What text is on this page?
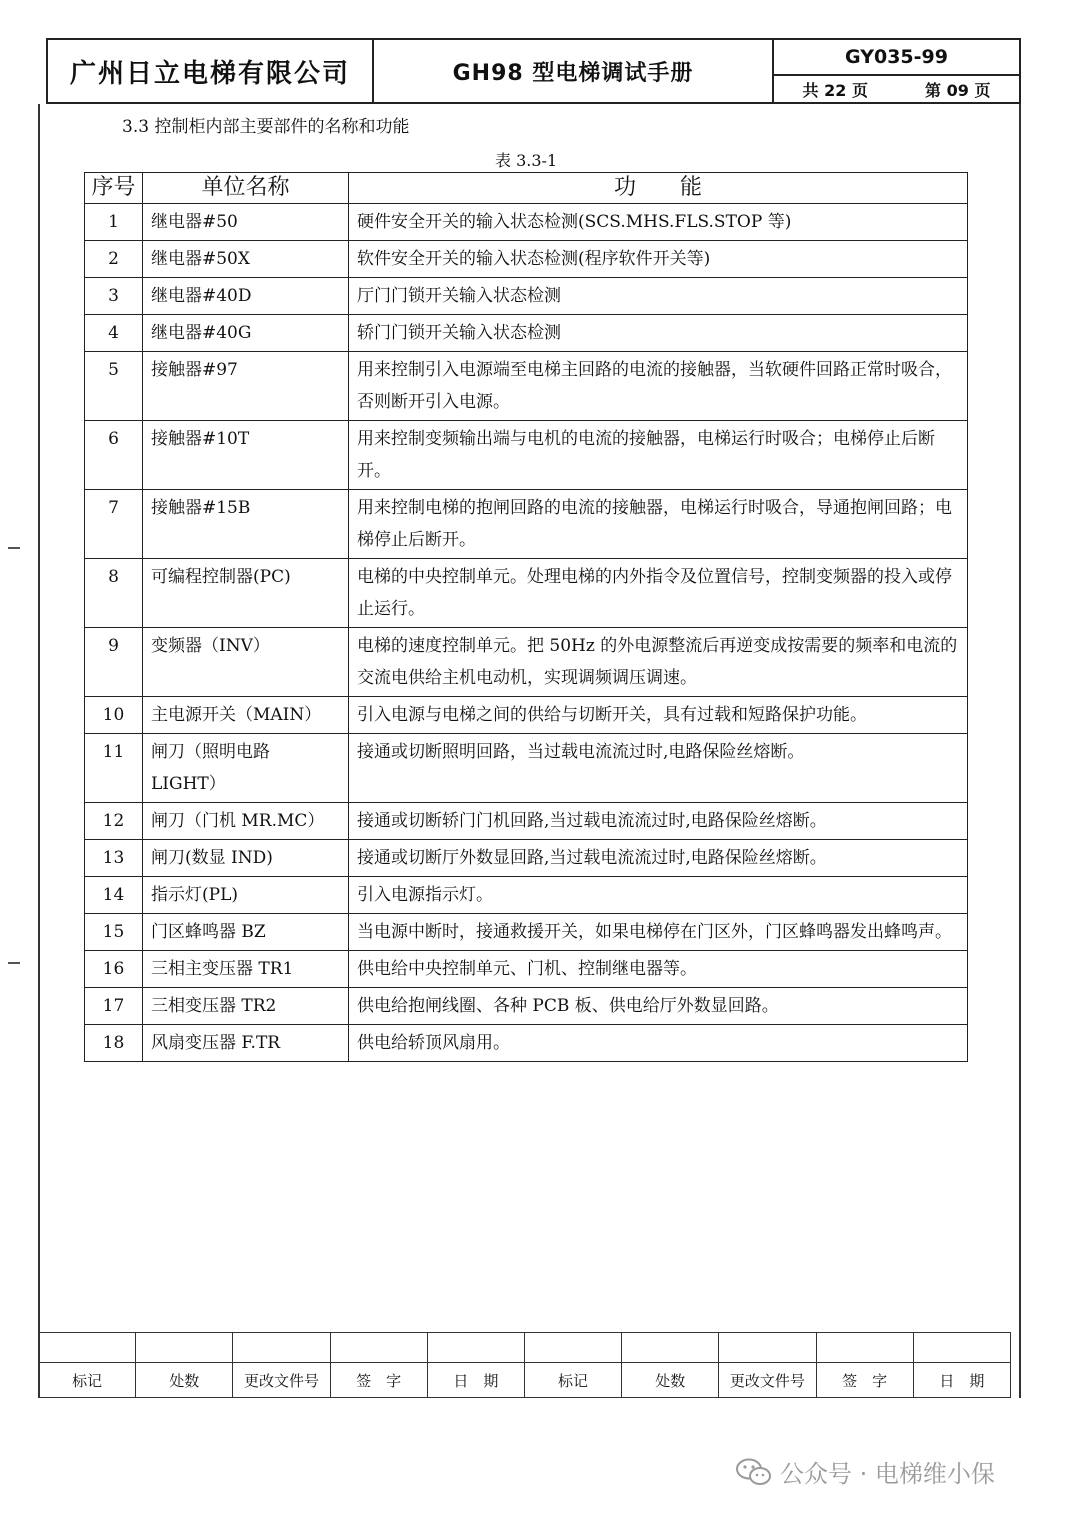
广州日立电梯有限公司	GH98 型电梯调试手册
GY035-99
共 22 页	第 09 页
3.3 控制柜内部主要部件的名称和功能
表 3.3-1
序号	单位名称	功　　能
1	继电器#50	硬件安全开关的输入状态检测(SCS.MHS.FLS.STOP 等)
2	继电器#50X	软件安全开关的输入状态检测(程序软件开关等)
3	继电器#40D	厅门门锁开关输入状态检测
4	继电器#40G	轿门门锁开关输入状态检测
5	接触器#97	用来控制引入电源端至电梯主回路的电流的接触器，当软硬件回路正常时吸合，否则断开引入电源。
6	接触器#10T	用来控制变频输出端与电机的电流的接触器，电梯运行时吸合；电梯停止后断开。
7	接触器#15B	用来控制电梯的抱闸回路的电流的接触器，电梯运行时吸合，导通抱闸回路；电梯停止后断开。
8	可编程控制器(PC)	电梯的中央控制单元。处理电梯的内外指令及位置信号，控制变频器的投入或停止运行。
9	变频器（INV）	电梯的速度控制单元。把 50Hz 的外电源整流后再逆变成按需要的频率和电流的交流电供给主机电动机，实现调频调压调速。
10	主电源开关（MAIN）	引入电源与电梯之间的供给与切断开关，具有过载和短路保护功能。
11	闸刀（照明电路 LIGHT）	接通或切断照明回路，当过载电流流过时,电路保险丝熔断。
12	闸刀（门机 MR.MC）	接通或切断轿门门机回路,当过载电流流过时,电路保险丝熔断。
13	闸刀(数显 IND)	接通或切断厅外数显回路,当过载电流流过时,电路保险丝熔断。
14	指示灯(PL)	引入电源指示灯。
15	门区蜂鸣器 BZ	当电源中断时，接通救援开关，如果电梯停在门区外，门区蜂鸣器发出蜂鸣声。
16	三相主变压器 TR1	供电给中央控制单元、门机、控制继电器等。
17	三相变压器 TR2	供电给抱闸线圈、各种 PCB 板、供电给厅外数显回路。
18	风扇变压器 F.TR	供电给轿顶风扇用。

标记	处数	更改文件号	签　字	日　期	标记	处数	更改文件号	签　字	日　期
公众号 · 电梯维小保
